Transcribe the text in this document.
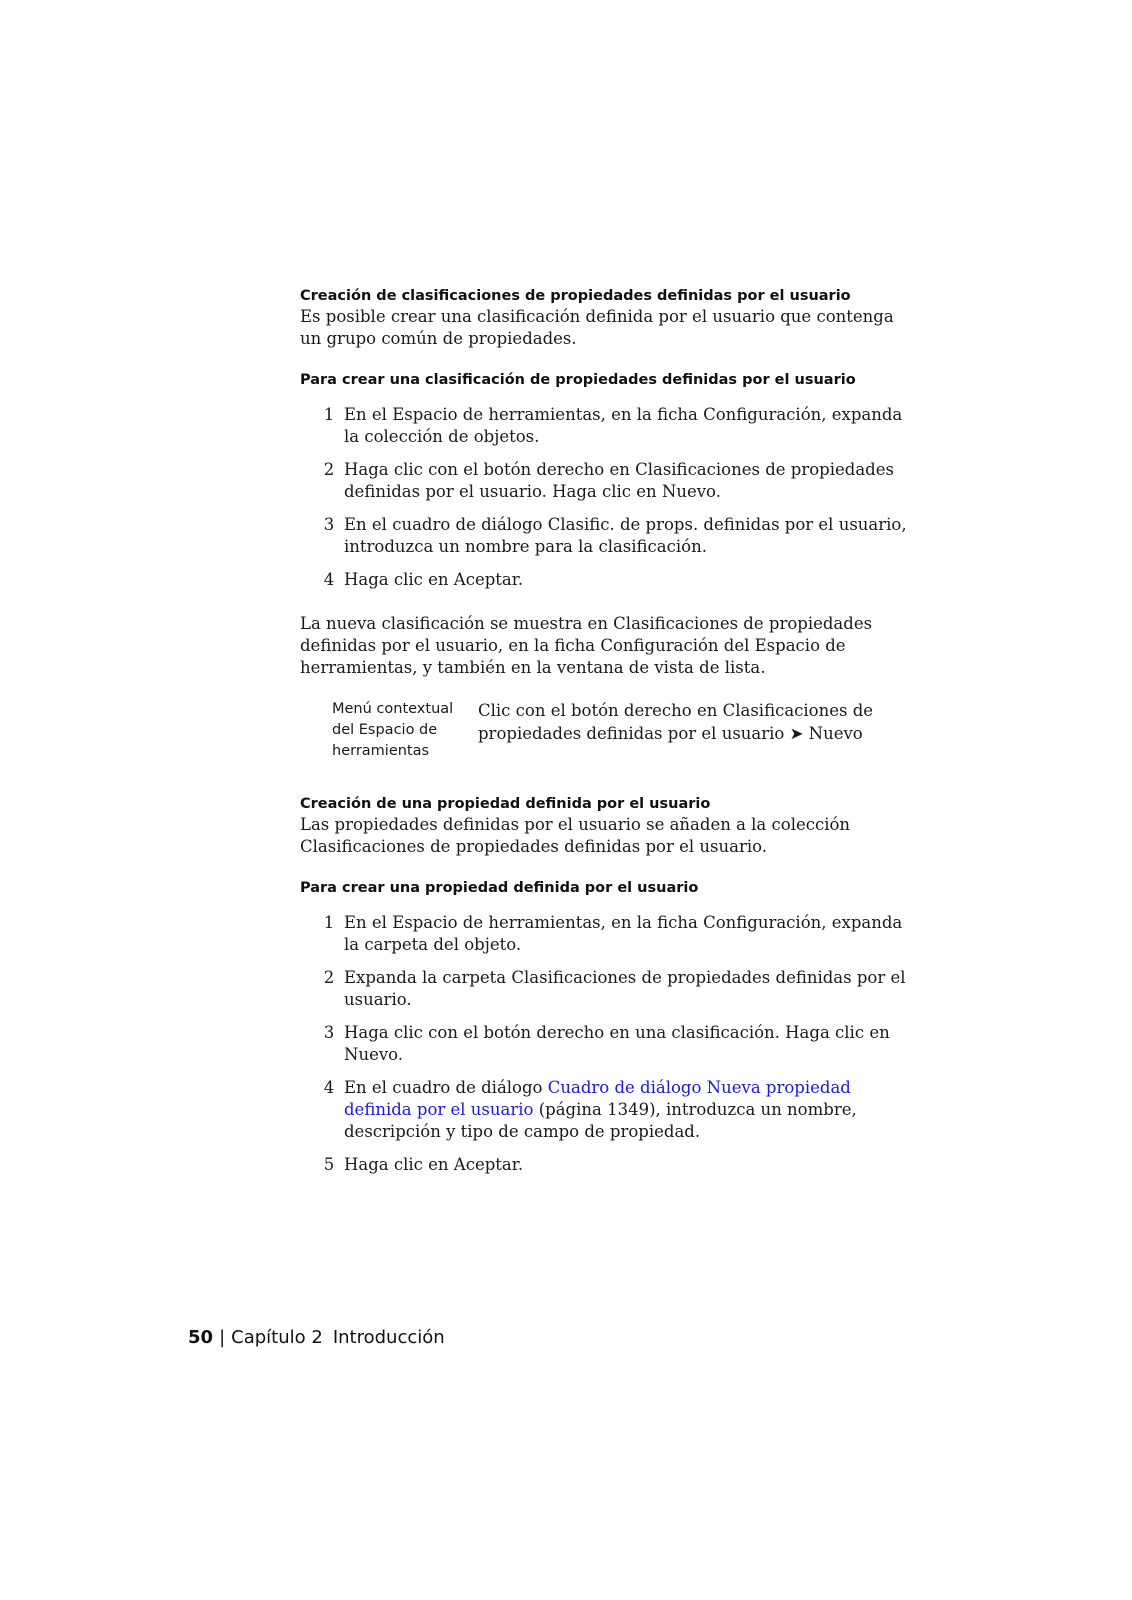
Creación de clasificaciones de propiedades definidas por el usuario

Es posible crear una clasificación definida por el usuario que contenga un grupo común de propiedades.

Para crear una clasificación de propiedades definidas por el usuario
1 En el Espacio de herramientas, en la ficha Configuración, expanda la colección de objetos.
2 Haga clic con el botón derecho en Clasificaciones de propiedades definidas por el usuario. Haga clic en Nuevo.
3 En el cuadro de diálogo Clasific. de props. definidas por el usuario, introduzca un nombre para la clasificación.
4 Haga clic en Aceptar.

La nueva clasificación se muestra en Clasificaciones de propiedades definidas por el usuario, en la ficha Configuración del Espacio de herramientas, y también en la ventana de vista de lista.

Menú contextual del Espacio de herramientas
Clic con el botón derecho en Clasificaciones de propiedades definidas por el usuario ➤ Nuevo
Creación de una propiedad definida por el usuario

Las propiedades definidas por el usuario se añaden a la colección Clasificaciones de propiedades definidas por el usuario.

Para crear una propiedad definida por el usuario
1 En el Espacio de herramientas, en la ficha Configuración, expanda la carpeta del objeto.
2 Expanda la carpeta Clasificaciones de propiedades definidas por el usuario.
3 Haga clic con el botón derecho en una clasificación. Haga clic en Nuevo.
4 En el cuadro de diálogo Cuadro de diálogo Nueva propiedad definida por el usuario (página 1349), introduzca un nombre, descripción y tipo de campo de propiedad.
5 Haga clic en Aceptar.
50 | Capítulo 2 Introducción
